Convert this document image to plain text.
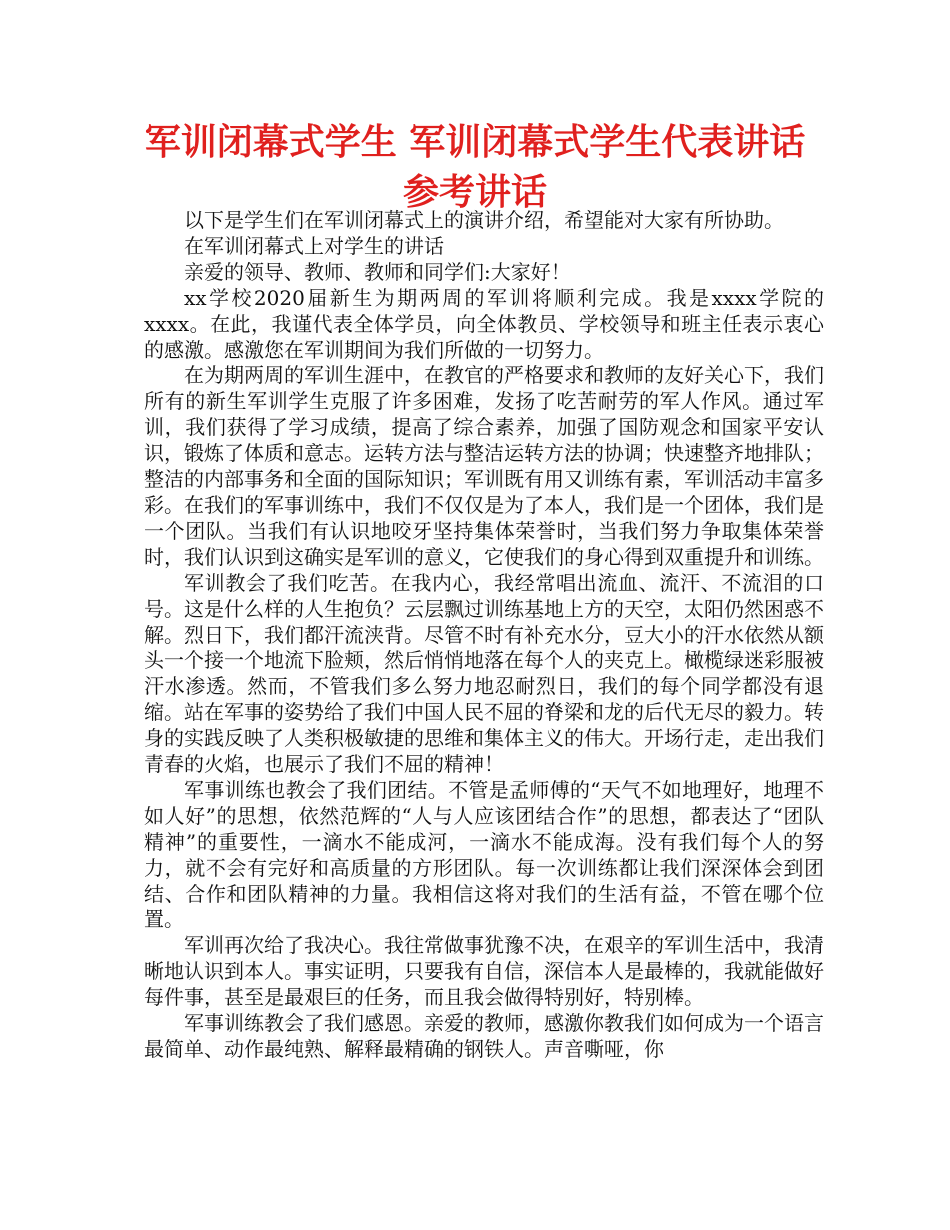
军训闭幕式学生 军训闭幕式学生代表讲话参考讲话

以下是学生们在军训闭幕式上的演讲介绍，希望能对大家有所协助。

在军训闭幕式上对学生的讲话

亲爱的领导、教师、教师和同学们:大家好！

xx学校2020届新生为期两周的军训将顺利完成。我是xxxx学院的xxxx。在此，我谨代表全体学员，向全体教员、学校领导和班主任表示衷心的感激。感激您在军训期间为我们所做的一切努力。

在为期两周的军训生涯中，在教官的严格要求和教师的友好关心下，我们所有的新生军训学生克服了许多困难，发扬了吃苦耐劳的军人作风。通过军训，我们获得了学习成绩，提高了综合素养，加强了国防观念和国家平安认识，锻炼了体质和意志。运转方法与整洁运转方法的协调；快速整齐地排队；整洁的内部事务和全面的国际知识；军训既有用又训练有素，军训活动丰富多彩。在我们的军事训练中，我们不仅仅是为了本人，我们是一个团体，我们是一个团队。当我们有认识地咬牙坚持集体荣誉时，当我们努力争取集体荣誉时，我们认识到这确实是军训的意义，它使我们的身心得到双重提升和训练。

军训教会了我们吃苦。在我内心，我经常唱出流血、流汗、不流泪的口号。这是什么样的人生抱负？云层飘过训练基地上方的天空，太阳仍然困惑不解。烈日下，我们都汗流浃背。尽管不时有补充水分，豆大小的汗水依然从额头一个接一个地流下脸颊，然后悄悄地落在每个人的夹克上。橄榄绿迷彩服被汗水渗透。然而，不管我们多么努力地忍耐烈日，我们的每个同学都没有退缩。站在军事的姿势给了我们中国人民不屈的脊梁和龙的后代无尽的毅力。转身的实践反映了人类积极敏捷的思维和集体主义的伟大。开场行走，走出我们青春的火焰，也展示了我们不屈的精神！

军事训练也教会了我们团结。不管是孟师傅的“天气不如地理好，地理不如人好”的思想，依然范辉的“人与人应该团结合作”的思想，都表达了“团队精神”的重要性，一滴水不能成河，一滴水不能成海。没有我们每个人的努力，就不会有完好和高质量的方形团队。每一次训练都让我们深深体会到团结、合作和团队精神的力量。我相信这将对我们的生活有益，不管在哪个位置。

军训再次给了我决心。我往常做事犹豫不决，在艰辛的军训生活中，我清晰地认识到本人。事实证明，只要我有自信，深信本人是最棒的，我就能做好每件事，甚至是最艰巨的任务，而且我会做得特别好，特别棒。

军事训练教会了我们感恩。亲爱的教师，感激你教我们如何成为一个语言最简单、动作最纯熟、解释最精确的钢铁人。声音嘶哑，你
